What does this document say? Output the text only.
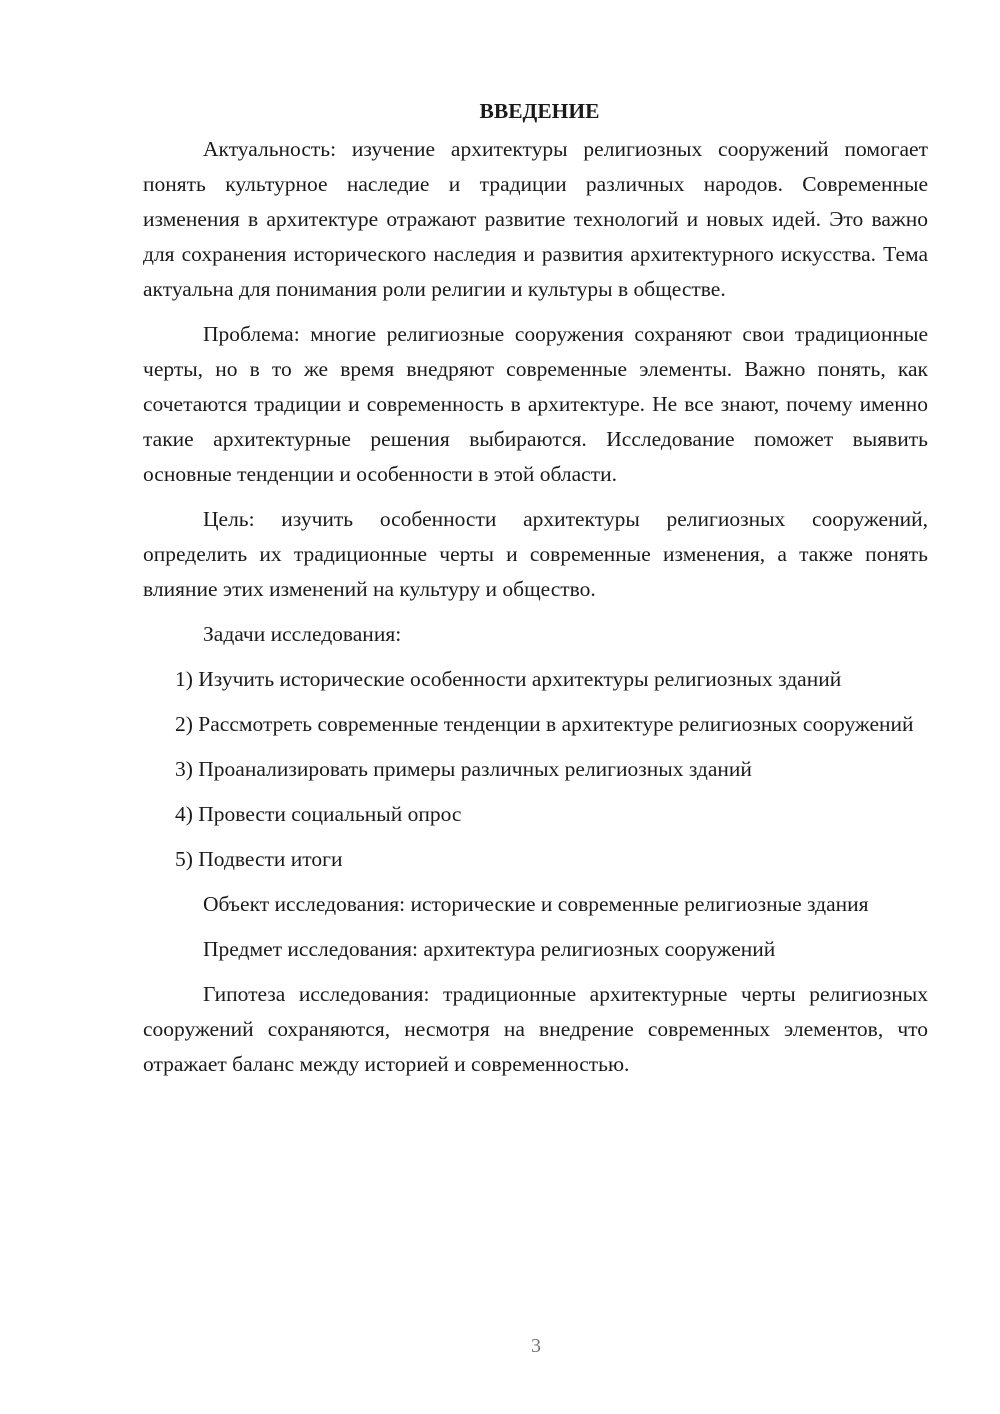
ВВЕДЕНИЕ

Актуальность: изучение архитектуры религиозных сооружений помогает понять культурное наследие и традиции различных народов. Современные изменения в архитектуре отражают развитие технологий и новых идей. Это важно для сохранения исторического наследия и развития архитектурного искусства. Тема актуальна для понимания роли религии и культуры в обществе.

Проблема: многие религиозные сооружения сохраняют свои традиционные черты, но в то же время внедряют современные элементы. Важно понять, как сочетаются традиции и современность в архитектуре. Не все знают, почему именно такие архитектурные решения выбираются. Исследование поможет выявить основные тенденции и особенности в этой области.

Цель: изучить особенности архитектуры религиозных сооружений, определить их традиционные черты и современные изменения, а также понять влияние этих изменений на культуру и общество.

Задачи исследования:

1) Изучить исторические особенности архитектуры религиозных зданий

2) Рассмотреть современные тенденции в архитектуре религиозных сооружений

3) Проанализировать примеры различных религиозных зданий

4) Провести социальный опрос

5) Подвести итоги

Объект исследования: исторические и современные религиозные здания

Предмет исследования: архитектура религиозных сооружений

Гипотеза исследования: традиционные архитектурные черты религиозных сооружений сохраняются, несмотря на внедрение современных элементов, что отражает баланс между историей и современностью.

3
